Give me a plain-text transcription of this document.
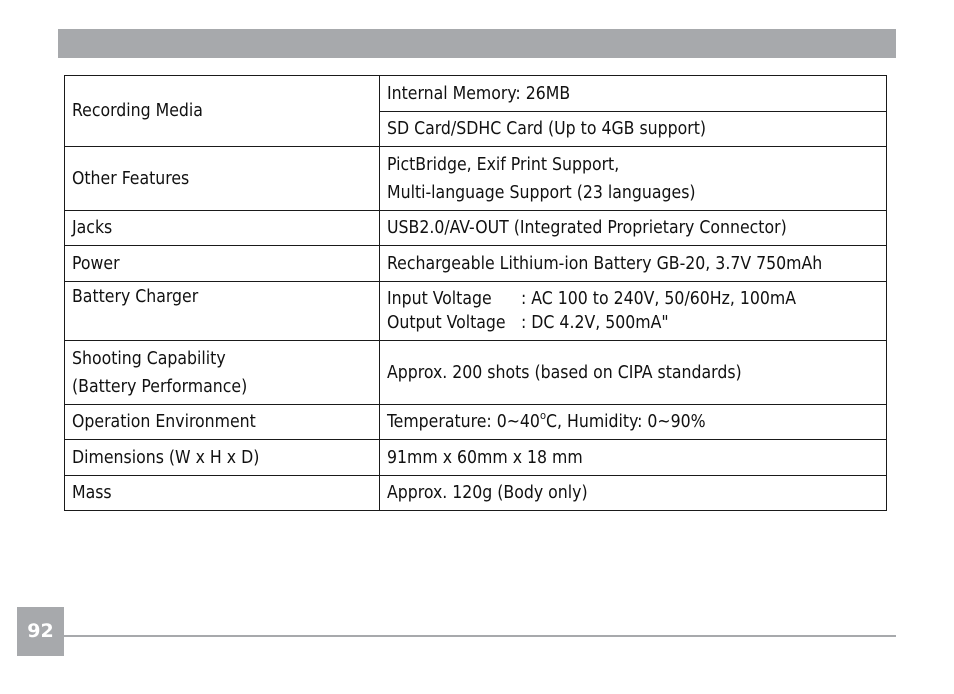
Recording Media	Internal Memory: 26MB
	SD Card/SDHC Card (Up to 4GB support)
Other Features	PictBridge, Exif Print Support,
Multi-language Support (23 languages)

Jacks	USB2.0/AV-OUT (Integrated Proprietary Connector)
Power	Rechargeable Lithium-ion Battery GB-20, 3.7V 750mAh
Battery Charger	Input Voltage : AC 100 to 240V, 50/60Hz, 100mA
Output Voltage : DC 4.2V, 500mA"

Shooting Capability
(Battery Performance)	Approx. 200 shots (based on CIPA standards)
Operation Environment	Temperature: 0~40$^o$C, Humidity: 0~90%
Dimensions (W x H x D)	91mm x 60mm x 18 mm
Mass	Approx. 120g (Body only)
92
